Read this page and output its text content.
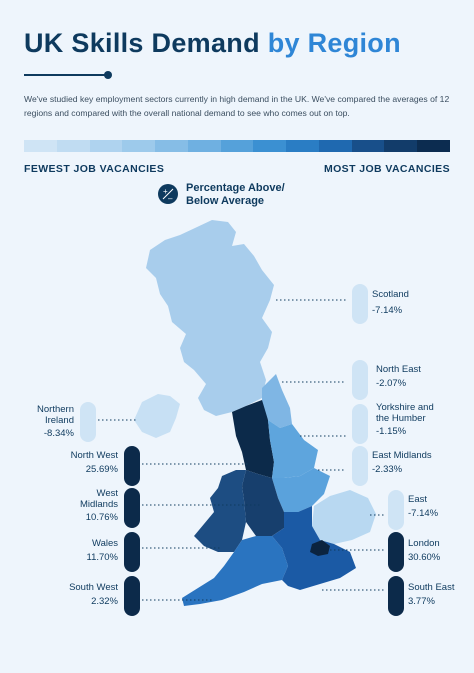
UK Skills Demand by Region
We've studied key employment sectors currently in high demand in the UK. We've compared the averages of 12 regions and compared with the overall national demand to see who comes out on top.
FEWEST JOB VACANCIES	MOST JOB VACANCIES
+
–
Percentage Above/
Below Average
Scotland
-7.14%
North East
-2.07%
Yorkshire and
the Humber
-1.15%
East Midlands
-2.33%
East
-7.14%
London
30.60%
South East
3.77%
Northern
Ireland
-8.34%
North West
25.69%
West
Midlands
10.76%
Wales
11.70%
South West
2.32%
